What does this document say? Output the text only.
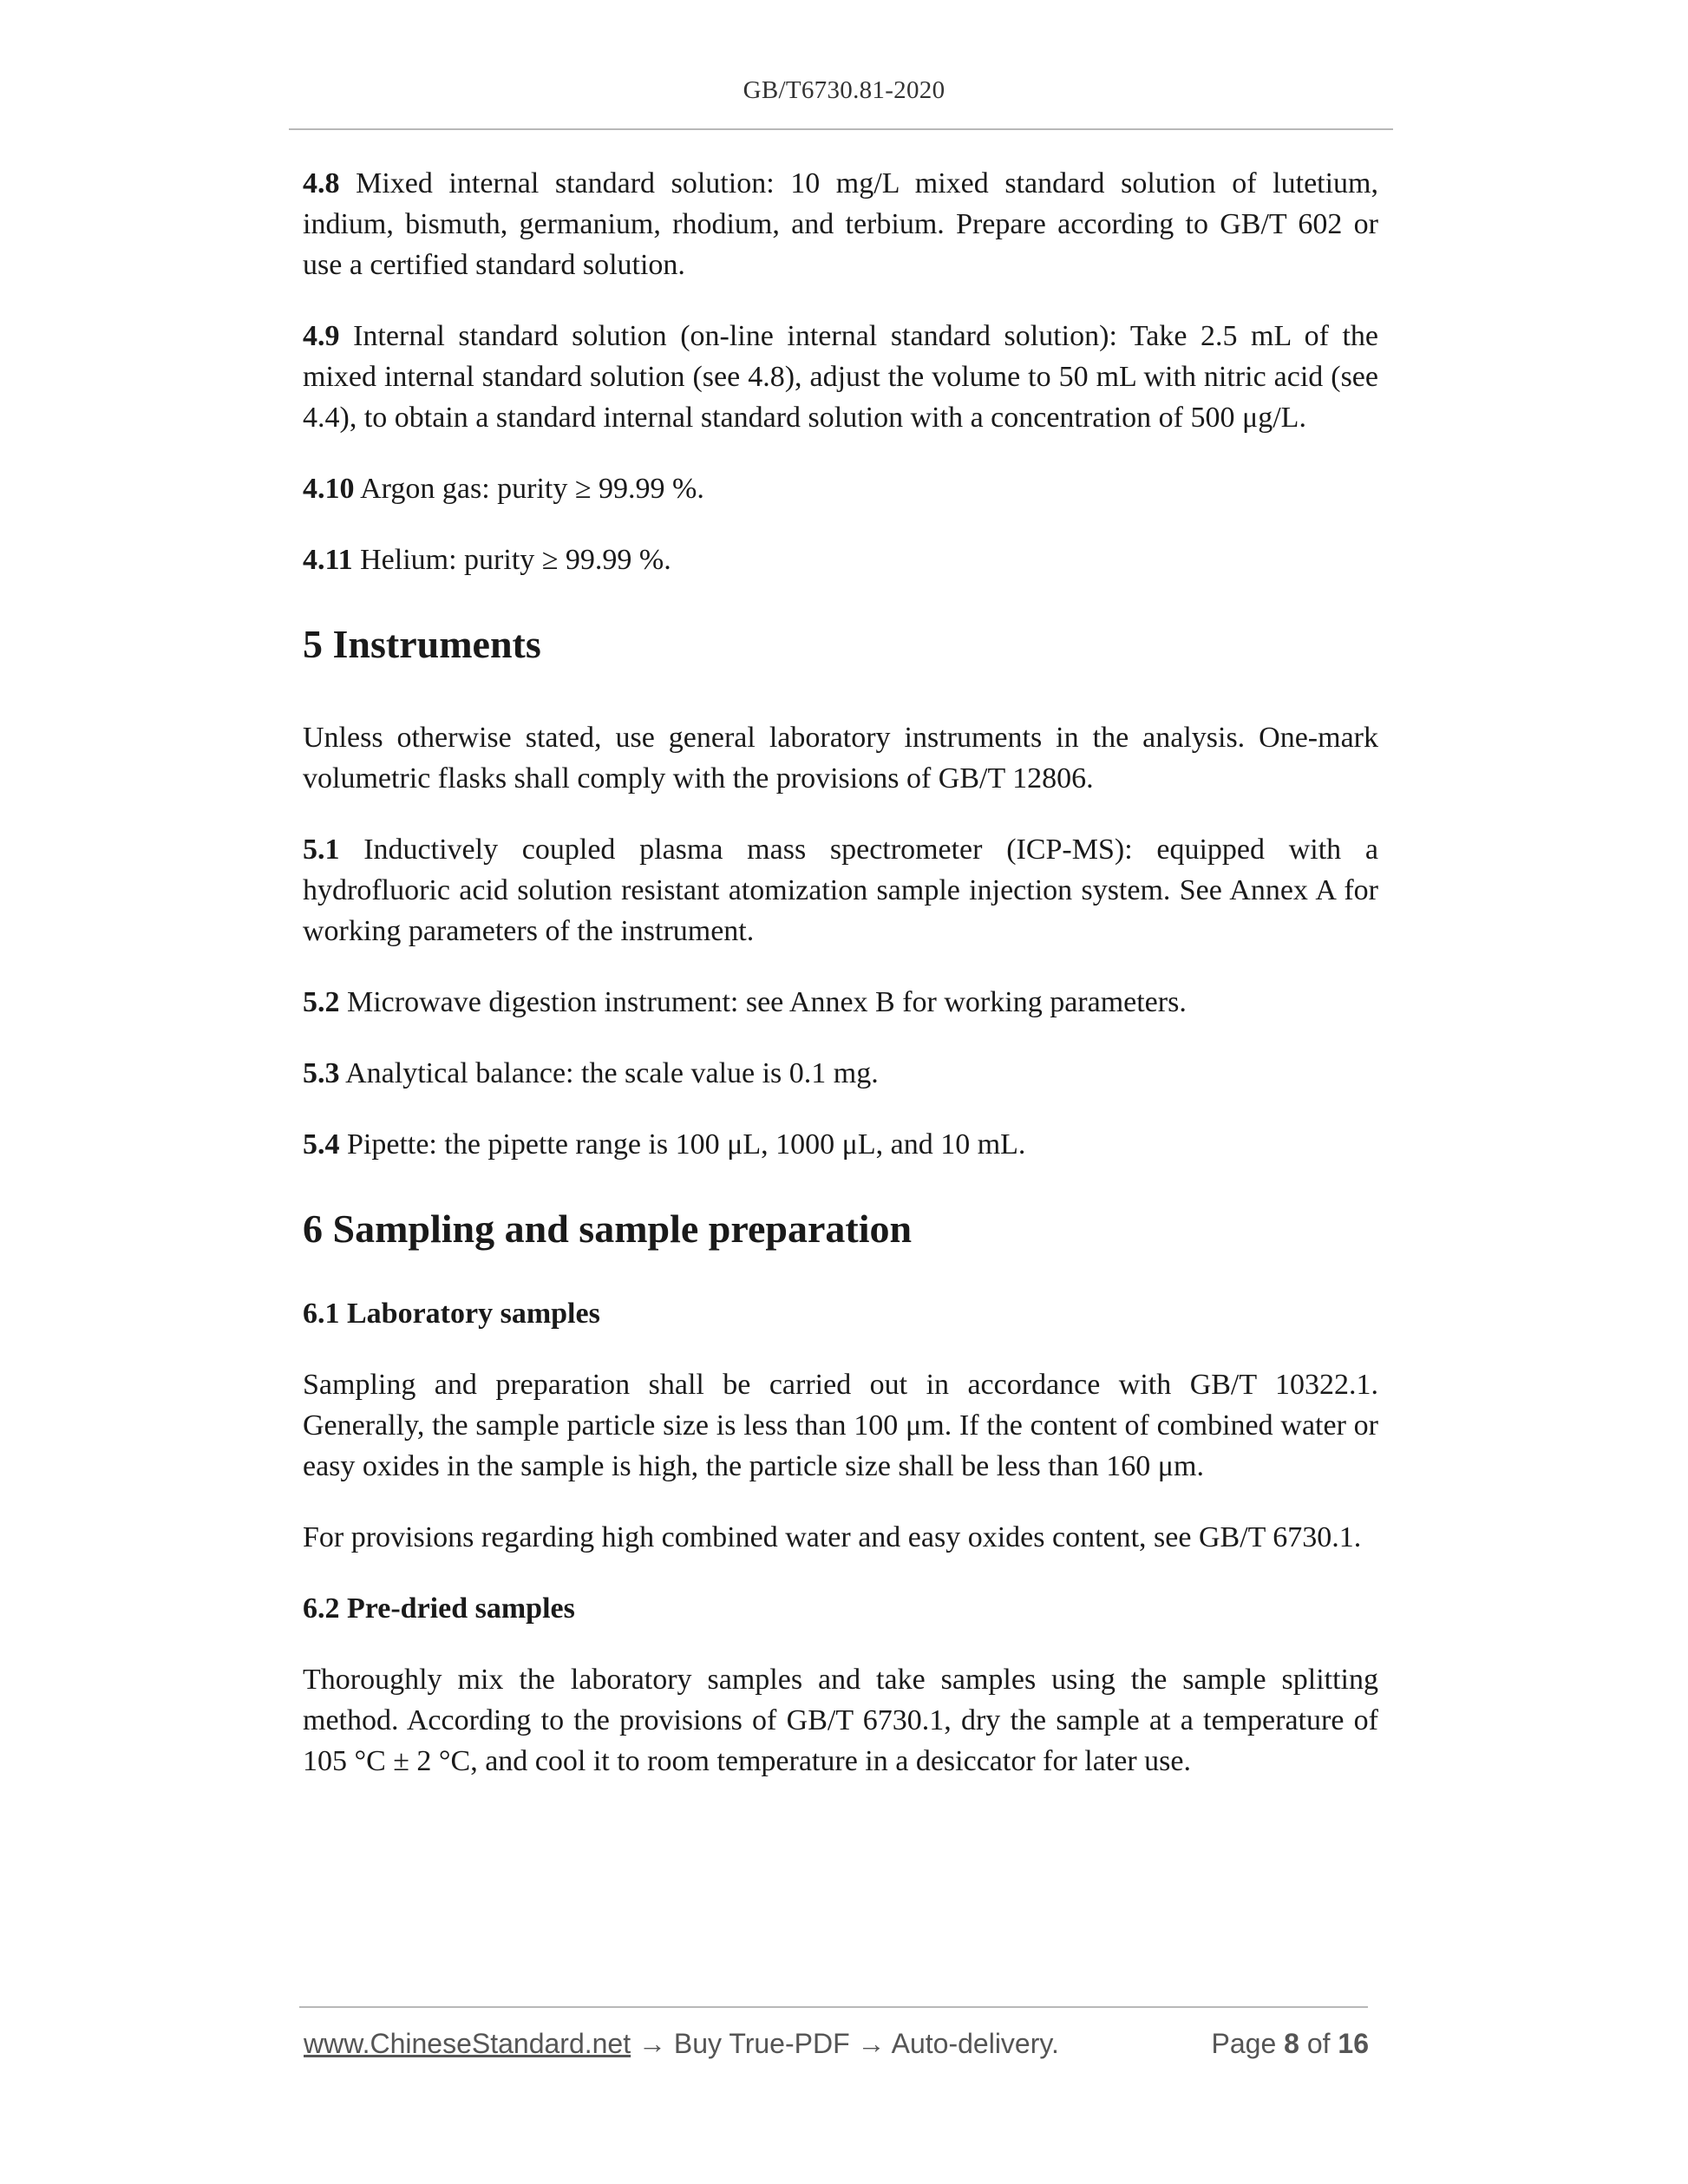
GB/T6730.81-2020

4.8 Mixed internal standard solution: 10 mg/L mixed standard solution of lutetium, indium, bismuth, germanium, rhodium, and terbium. Prepare according to GB/T 602 or use a certified standard solution.

4.9 Internal standard solution (on-line internal standard solution): Take 2.5 mL of the mixed internal standard solution (see 4.8), adjust the volume to 50 mL with nitric acid (see 4.4), to obtain a standard internal standard solution with a concentration of 500 μg/L.

4.10 Argon gas: purity ≥ 99.99 %.

4.11 Helium: purity ≥ 99.99 %.

5 Instruments

Unless otherwise stated, use general laboratory instruments in the analysis. One-mark volumetric flasks shall comply with the provisions of GB/T 12806.

5.1 Inductively coupled plasma mass spectrometer (ICP-MS): equipped with a hydrofluoric acid solution resistant atomization sample injection system. See Annex A for working parameters of the instrument.

5.2 Microwave digestion instrument: see Annex B for working parameters.

5.3 Analytical balance: the scale value is 0.1 mg.

5.4 Pipette: the pipette range is 100 μL, 1000 μL, and 10 mL.

6 Sampling and sample preparation
6.1 Laboratory samples

Sampling and preparation shall be carried out in accordance with GB/T 10322.1. Generally, the sample particle size is less than 100 μm. If the content of combined water or easy oxides in the sample is high, the particle size shall be less than 160 μm.

For provisions regarding high combined water and easy oxides content, see GB/T 6730.1.

6.2 Pre-dried samples

Thoroughly mix the laboratory samples and take samples using the sample splitting method. According to the provisions of GB/T 6730.1, dry the sample at a temperature of 105 °C ± 2 °C, and cool it to room temperature in a desiccator for later use.

www.ChineseStandard.net → Buy True-PDF → Auto-delivery.	Page 8 of 16
